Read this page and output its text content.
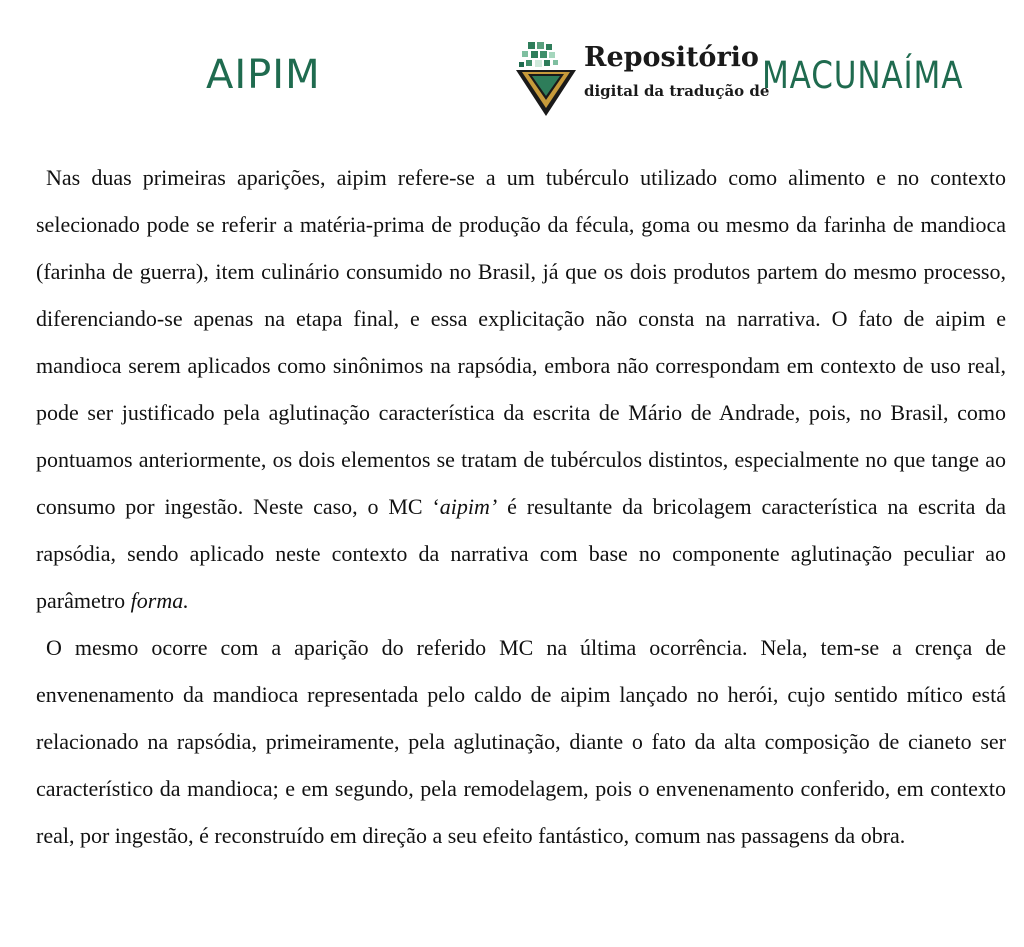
AIPIM	Repositório
digital da tradução de
MACUNAÍMA

Nas duas primeiras aparições, aipim refere-se a um tubérculo utilizado como alimento e no contexto selecionado pode se referir a matéria-prima de produção da fécula, goma ou mesmo da farinha de mandioca (farinha de guerra), item culinário consumido no Brasil, já que os dois produtos partem do mesmo processo, diferenciando-se apenas na etapa final, e essa explicitação não consta na narrativa. O fato de aipim e mandioca serem aplicados como sinônimos na rapsódia, embora não correspondam em contexto de uso real, pode ser justificado pela aglutinação característica da escrita de Mário de Andrade, pois, no Brasil, como pontuamos anteriormente, os dois elementos se tratam de tubérculos distintos, especialmente no que tange ao consumo por ingestão. Neste caso, o MC ‘aipim’ é resultante da bricolagem característica na escrita da rapsódia, sendo aplicado neste contexto da narrativa com base no componente aglutinação peculiar ao parâmetro forma.

O mesmo ocorre com a aparição do referido MC na última ocorrência. Nela, tem-se a crença de envenenamento da mandioca representada pelo caldo de aipim lançado no herói, cujo sentido mítico está relacionado na rapsódia, primeiramente, pela aglutinação, diante o fato da alta composição de cianeto ser característico da mandioca; e em segundo, pela remodelagem, pois o envenenamento conferido, em contexto real, por ingestão, é reconstruído em direção a seu efeito fantástico, comum nas passagens da obra.
